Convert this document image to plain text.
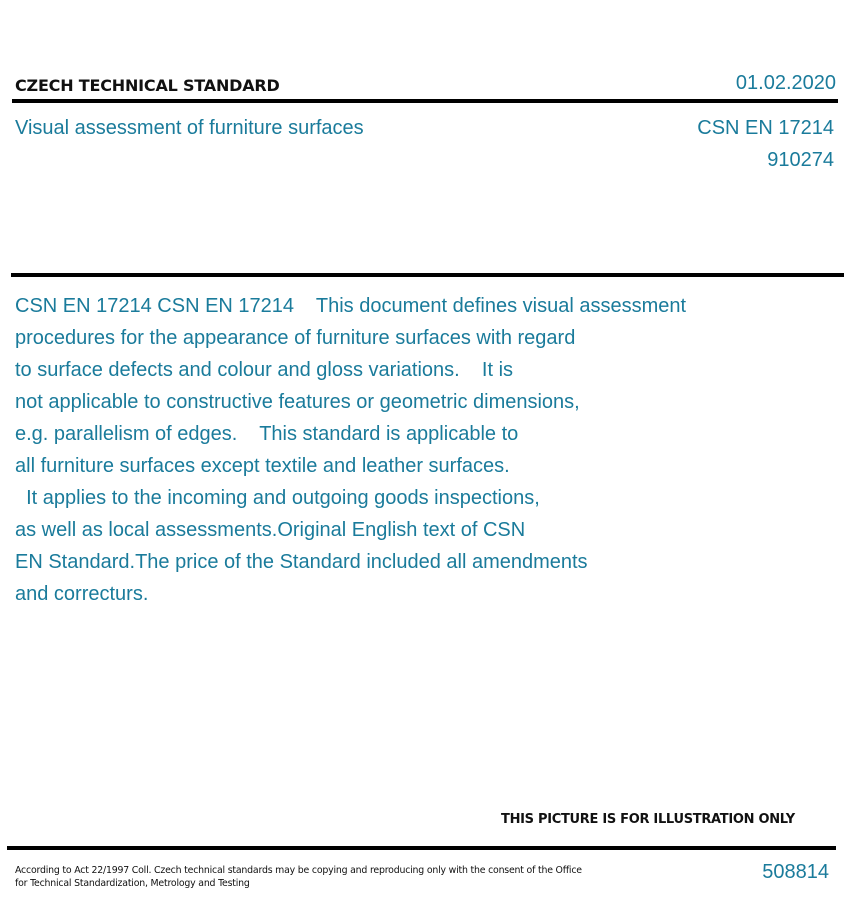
CZECH TECHNICAL STANDARD	01.02.2020
Visual assessment of furniture surfaces	CSN EN 17214
910274
CSN EN 17214 CSN EN 17214    This document defines visual assessment
procedures for the appearance of furniture surfaces with regard
to surface defects and colour and gloss variations.    It is
not applicable to constructive features or geometric dimensions,
e.g. parallelism of edges.    This standard is applicable to
all furniture surfaces except textile and leather surfaces.
It applies to the incoming and outgoing goods inspections,
as well as local assessments.Original English text of CSN
EN Standard.The price of the Standard included all amendments
and correcturs.
THIS PICTURE IS FOR ILLUSTRATION ONLY
According to Act 22/1997 Coll. Czech technical standards may be copying and reproducing only with the consent of the Office
for Technical Standardization, Metrology and Testing
508814
